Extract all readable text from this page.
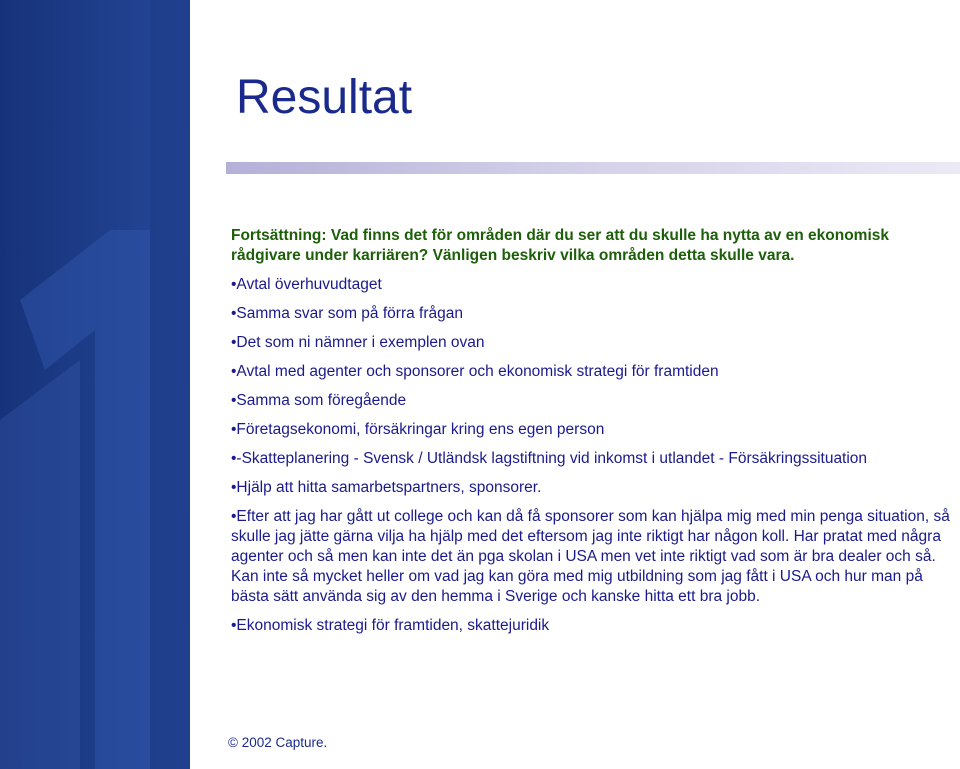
Resultat

Fortsättning: Vad finns det för områden där du ser att du skulle ha nytta av en ekonomisk rådgivare under karriären? Vänligen beskriv vilka områden detta skulle vara.

•Avtal överhuvudtaget
•Samma svar som på förra frågan
•Det som ni nämner i exemplen ovan
•Avtal med agenter och sponsorer och ekonomisk strategi för framtiden
•Samma som föregående
•Företagsekonomi, försäkringar kring ens egen person
•-Skatteplanering - Svensk / Utländsk lagstiftning vid inkomst i utlandet - Försäkringssituation
•Hjälp att hitta samarbetspartners, sponsorer.
•Efter att jag har gått ut college och kan då få sponsorer som kan hjälpa mig med min penga situation, så skulle jag jätte gärna vilja ha hjälp med det eftersom jag inte riktigt har någon koll. Har pratat med några agenter och så men kan inte det än pga skolan i USA men vet inte riktigt vad som är bra dealer och så. Kan inte så mycket heller om vad jag kan göra med mig utbildning som jag fått i USA och hur man på bästa sätt använda sig av den hemma i Sverige och kanske hitta ett bra jobb.
•Ekonomisk strategi för framtiden, skattejuridik
© 2002 Capture.
